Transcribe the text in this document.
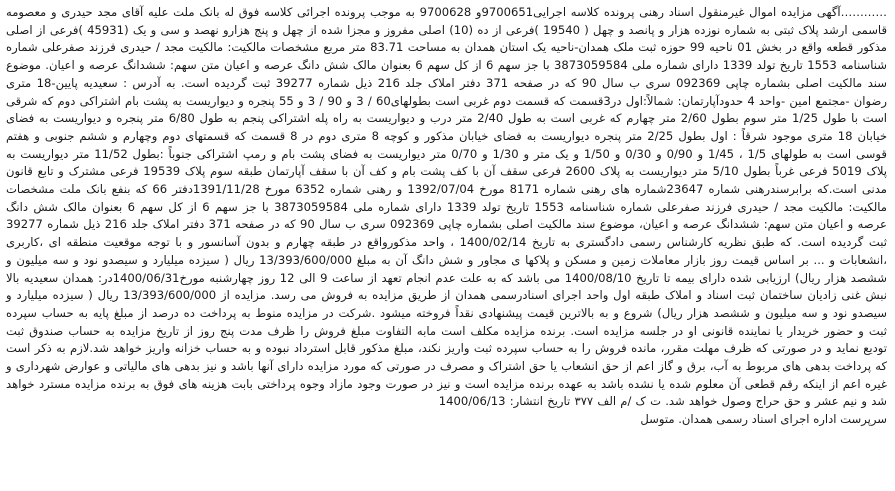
…………آگهی مزایده اموال غیرمنقول اسناد رهنی پرونده کلاسه اجرایی9700651و 9700628 به موجب پرونده اجرائی کلاسه فوق له بانک ملت علیه آقای مجد حیدری و معصومه قاسمی ارشد پلاک ثبتی به شماره نوزده هزار و پانصد و چهل ( 19540 )فرعی از ده (10) اصلی مفروز و مجزا شده از چهل و پنج هزارو نهصد و سی و یک (45931 )فرعی از اصلی مذکور قطعه واقع در بخش 01 ناحیه 99 حوزه ثبت ملک همدان-ناحیه یک استان همدان به مساحت 83.71 متر مربع مشخصات مالکیت: مالکیت مجد / حیدری فرزند صفرعلی شماره شناسنامه 1553 تاریخ تولد 1339 دارای شماره ملی 3873059584 با جز سهم 6 از کل سهم 6 بعنوان مالک شش دانگ عرصه و اعیان متن سهم: ششدانگ عرصه و اعیان. موضوع سند مالکیت اصلی بشماره چاپی 092369 سری ب سال 90 که در صفحه 371 دفتر املاک جلد 216 ذیل شماره 39277 ثبت گردیده است. به آدرس : سعیدیه پایین-18 متری رضوان -مجتمع امین -واحد 4 حدودآپارتمان: شمالاً:اول در3قسمت که قسمت دوم غربی است بطولهای60 / 3 و 90 / 3 و 55 پنجره و دیواریست به پشت بام اشتراکی دوم که شرقی است با طول 1/25 متر سوم بطول 2/60 متر چهارم که غربی است به طول 2/40 متر درب و دیواریست به راه پله اشتراکی پنجم به طول 6/80 متر پنجره و دیواریست به فضای خیابان 18 متری موجود شرقاً : اول بطول 2/25 متر پنجره دیواریست به فضای خیابان مذکور و کوچه 8 متری دوم در 8 قسمت که قسمتهای دوم وچهارم و ششم جنوبی و هفتم قوسی است به طولهای 1/5 ، 1/45 و 0/90 و 0/30 و 1/50 و یک متر و 1/30 و 0/70 متر دیواریست به فضای پشت بام و رمپ اشتراکی جنوباً :بطول 11/52 متر دیواریست به پلاک 5019 فرعی غرباً بطول 5/10 متر دیواریست به پلاک 2600 فرعی سقف آن با کف پشت بام و کف آن با سقف آپارتمان طبقه سوم پلاک 19539 فرعی مشترک و تابع قانون مدنی است.که برابرسندرهنی شماره 23647شماره های رهنی شماره 8171 مورخ 1392/07/04 و رهنی شماره 6352 مورخ 1391/11/28دفتر 66 که بنفع بانک ملت مشخصات مالکیت: مالکیت مجد / حیدری فرزند صفرعلی شماره شناسنامه 1553 تاریخ تولد 1339 دارای شماره ملی 3873059584 با جز سهم 6 از کل سهم 6 بعنوان مالک شش دانگ عرصه و اعیان متن سهم: ششدانگ عرصه و اعیان، موضوع سند مالکیت اصلی بشماره چاپی 092369 سری ب سال 90 که در صفحه 371 دفتر املاک جلد 216 ذیل شماره 39277 ثبت گردیده است. که طبق نظریه کارشناس رسمی دادگستری به تاریخ 1400/02/14 ، واحد مذکورواقع در طبقه چهارم و بدون آسانسور و با توجه موقعیت منطقه ای ،کاربری ،انشعابات و ... بر اساس قیمت روز بازار معاملات زمین و مسکن و پلاکها ی مجاور و شش دانگ آن به مبلغ 13/393/600/000 ریال ( سیزده میلیارد و سیصدو نود و سه میلیون و ششصد هزار ریال) ارزیابی شده دارای بیمه تا تاریخ 1400/08/10 می باشد که به علت عدم انجام تعهد از ساعت 9 الی 12 روز چهارشنبه مورخ1400/06/31در: همدان سعیدیه بالا نبش غنی زادیان ساختمان ثبت اسناد و املاک طبقه اول واحد اجرای اسنادرسمی همدان از طریق مزایده به فروش می رسد. مزایده از 13/393/600/000 ریال ( سیزده میلیارد و سیصدو نود و سه میلیون و ششصد هزار ریال) شروع و به بالاترین قیمت پیشنهادی نقداً فروخته میشود .شرکت در مزایده منوط به پرداخت ده درصد از مبلغ پایه به حساب سپرده ثبت و حضور خریدار یا نماینده قانونی او در جلسه مزایده است. برنده مزایده مکلف است مابه التفاوت مبلغ فروش را ظرف مدت پنج روز از تاریخ مزایده به حساب صندوق ثبت تودیع نماید و در صورتی که ظرف مهلت مقرر، مانده فروش را به حساب سپرده ثبت واریز نکند، مبلغ مذکور قابل استرداد نبوده و به حساب خزانه واریز خواهد شد.لازم به ذکر است که پرداخت بدهی های مربوط به آب، برق و گاز اعم از حق انشعاب یا حق اشتراک و مصرف در صورتی که مورد مزایده دارای آنها باشد و نیز بدهی های مالیاتی و عوارض شهرداری و غیره اعم از اینکه رقم قطعی آن معلوم شده یا نشده باشد به عهده برنده مزایده است و نیز در صورت وجود مازاد وجوه پرداختی بابت هزینه های فوق به برنده مزایده مسترد خواهد شد و نیم عشر و حق حراج وصول خواهد شد. ت ک /م الف ۳۷۷ تاریخ انتشار: 1400/06/13

سرپرست اداره اجرای اسناد رسمی همدان. متوسل
